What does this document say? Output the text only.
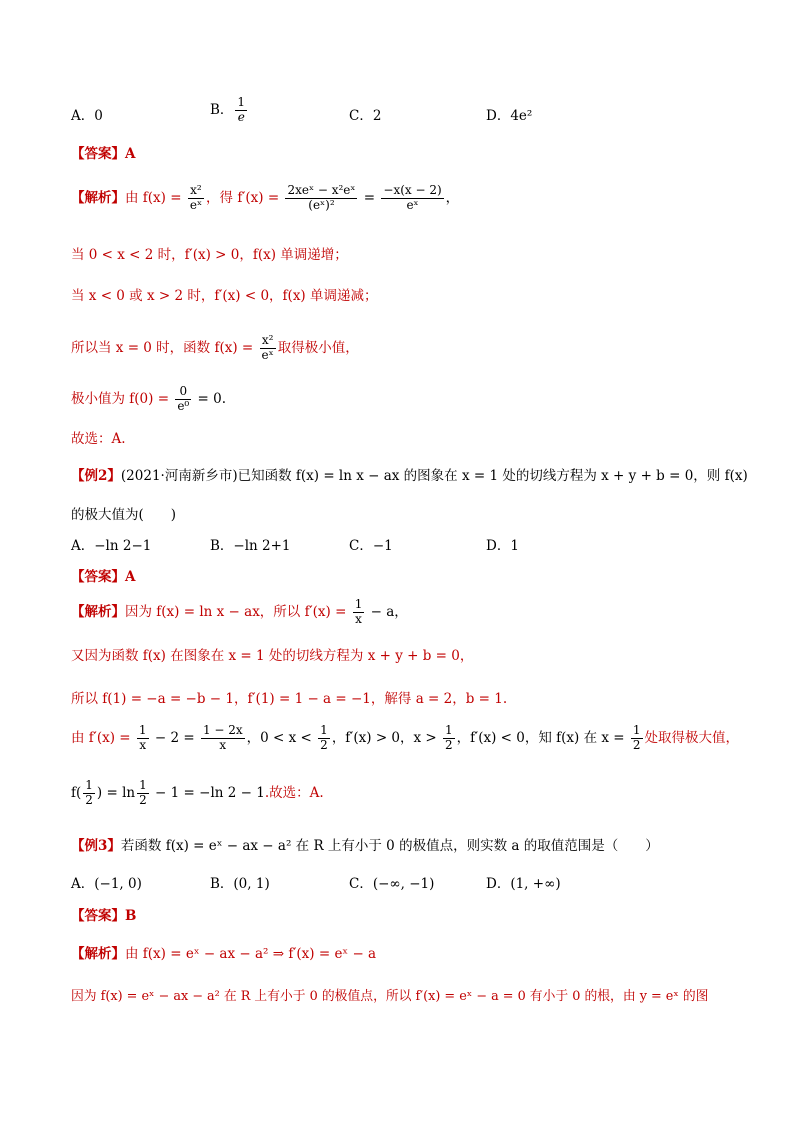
A．0	B． $\frac{1}{e}$	C．2	D．4e²
【答案】A
【解析】由 $f(x) = \frac{\text{x²}}{\text{eˣ}}$ ，得 $f'(x) = \frac{\text{2xeˣ − x²eˣ}}{\text{(eˣ)²}} = \frac{-x(x - 2)}{\text{eˣ}}$ ，
当 0 < x < 2 时，f′(x) > 0，f(x) 单调递增；
当 x < 0 或 x > 2 时，f′(x) < 0，f(x) 单调递减；
所以当 x = 0 时，函数 $f(x) = \frac{\text{x²}}{\text{eˣ}}$ 取得极小值，
极小值为 $f(0) = \frac{0}{\text{e⁰}} = 0$.
故选：A.
【例2】(2021·河南新乡市)已知函数 f(x) = ln x − ax 的图象在 x = 1 处的切线方程为 x + y + b = 0，则 f(x)
的极大值为(　　)
A．−ln 2−1	B．−ln 2+1	C．−1	D．1
【答案】A
【解析】因为 f(x) = ln x − ax，所以 $f'(x) = \frac{1}{x} - a$，
又因为函数 f(x) 在图象在 x = 1 处的切线方程为 x + y + b = 0，
所以 f(1) = −a = −b − 1，f′(1) = 1 − a = −1，解得 a = 2，b = 1.
由 $f'(x) = \frac{1}{x} - 2 = \frac{1 - 2x}{x}$ ，$0 < x < \frac{1}{2}$ ，f′(x) > 0，$x > \frac{1}{2}$ ，f′(x) < 0，知 f(x) 在 $x = \frac{1}{2}$ 处取得极大值，
$f( \frac{1}{2}$ ) = $\ln \frac{1}{2} - 1 = -\ln$ 2 − 1.故选：A.
【例3】若函数 f(x) = eˣ − ax − a² 在 R 上有小于 0 的极值点，则实数 a 的取值范围是（　　）
A．(−1, 0)	B．(0, 1)	C．(−∞, −1)	D．(1, +∞)
【答案】B
【解析】由 f(x) = eˣ − ax − a² ⇒ f′(x) = eˣ − a
因为 f(x) = eˣ − ax − a² 在 R 上有小于 0 的极值点，所以 f′(x) = eˣ − a = 0 有小于 0 的根，由 y = eˣ 的图
